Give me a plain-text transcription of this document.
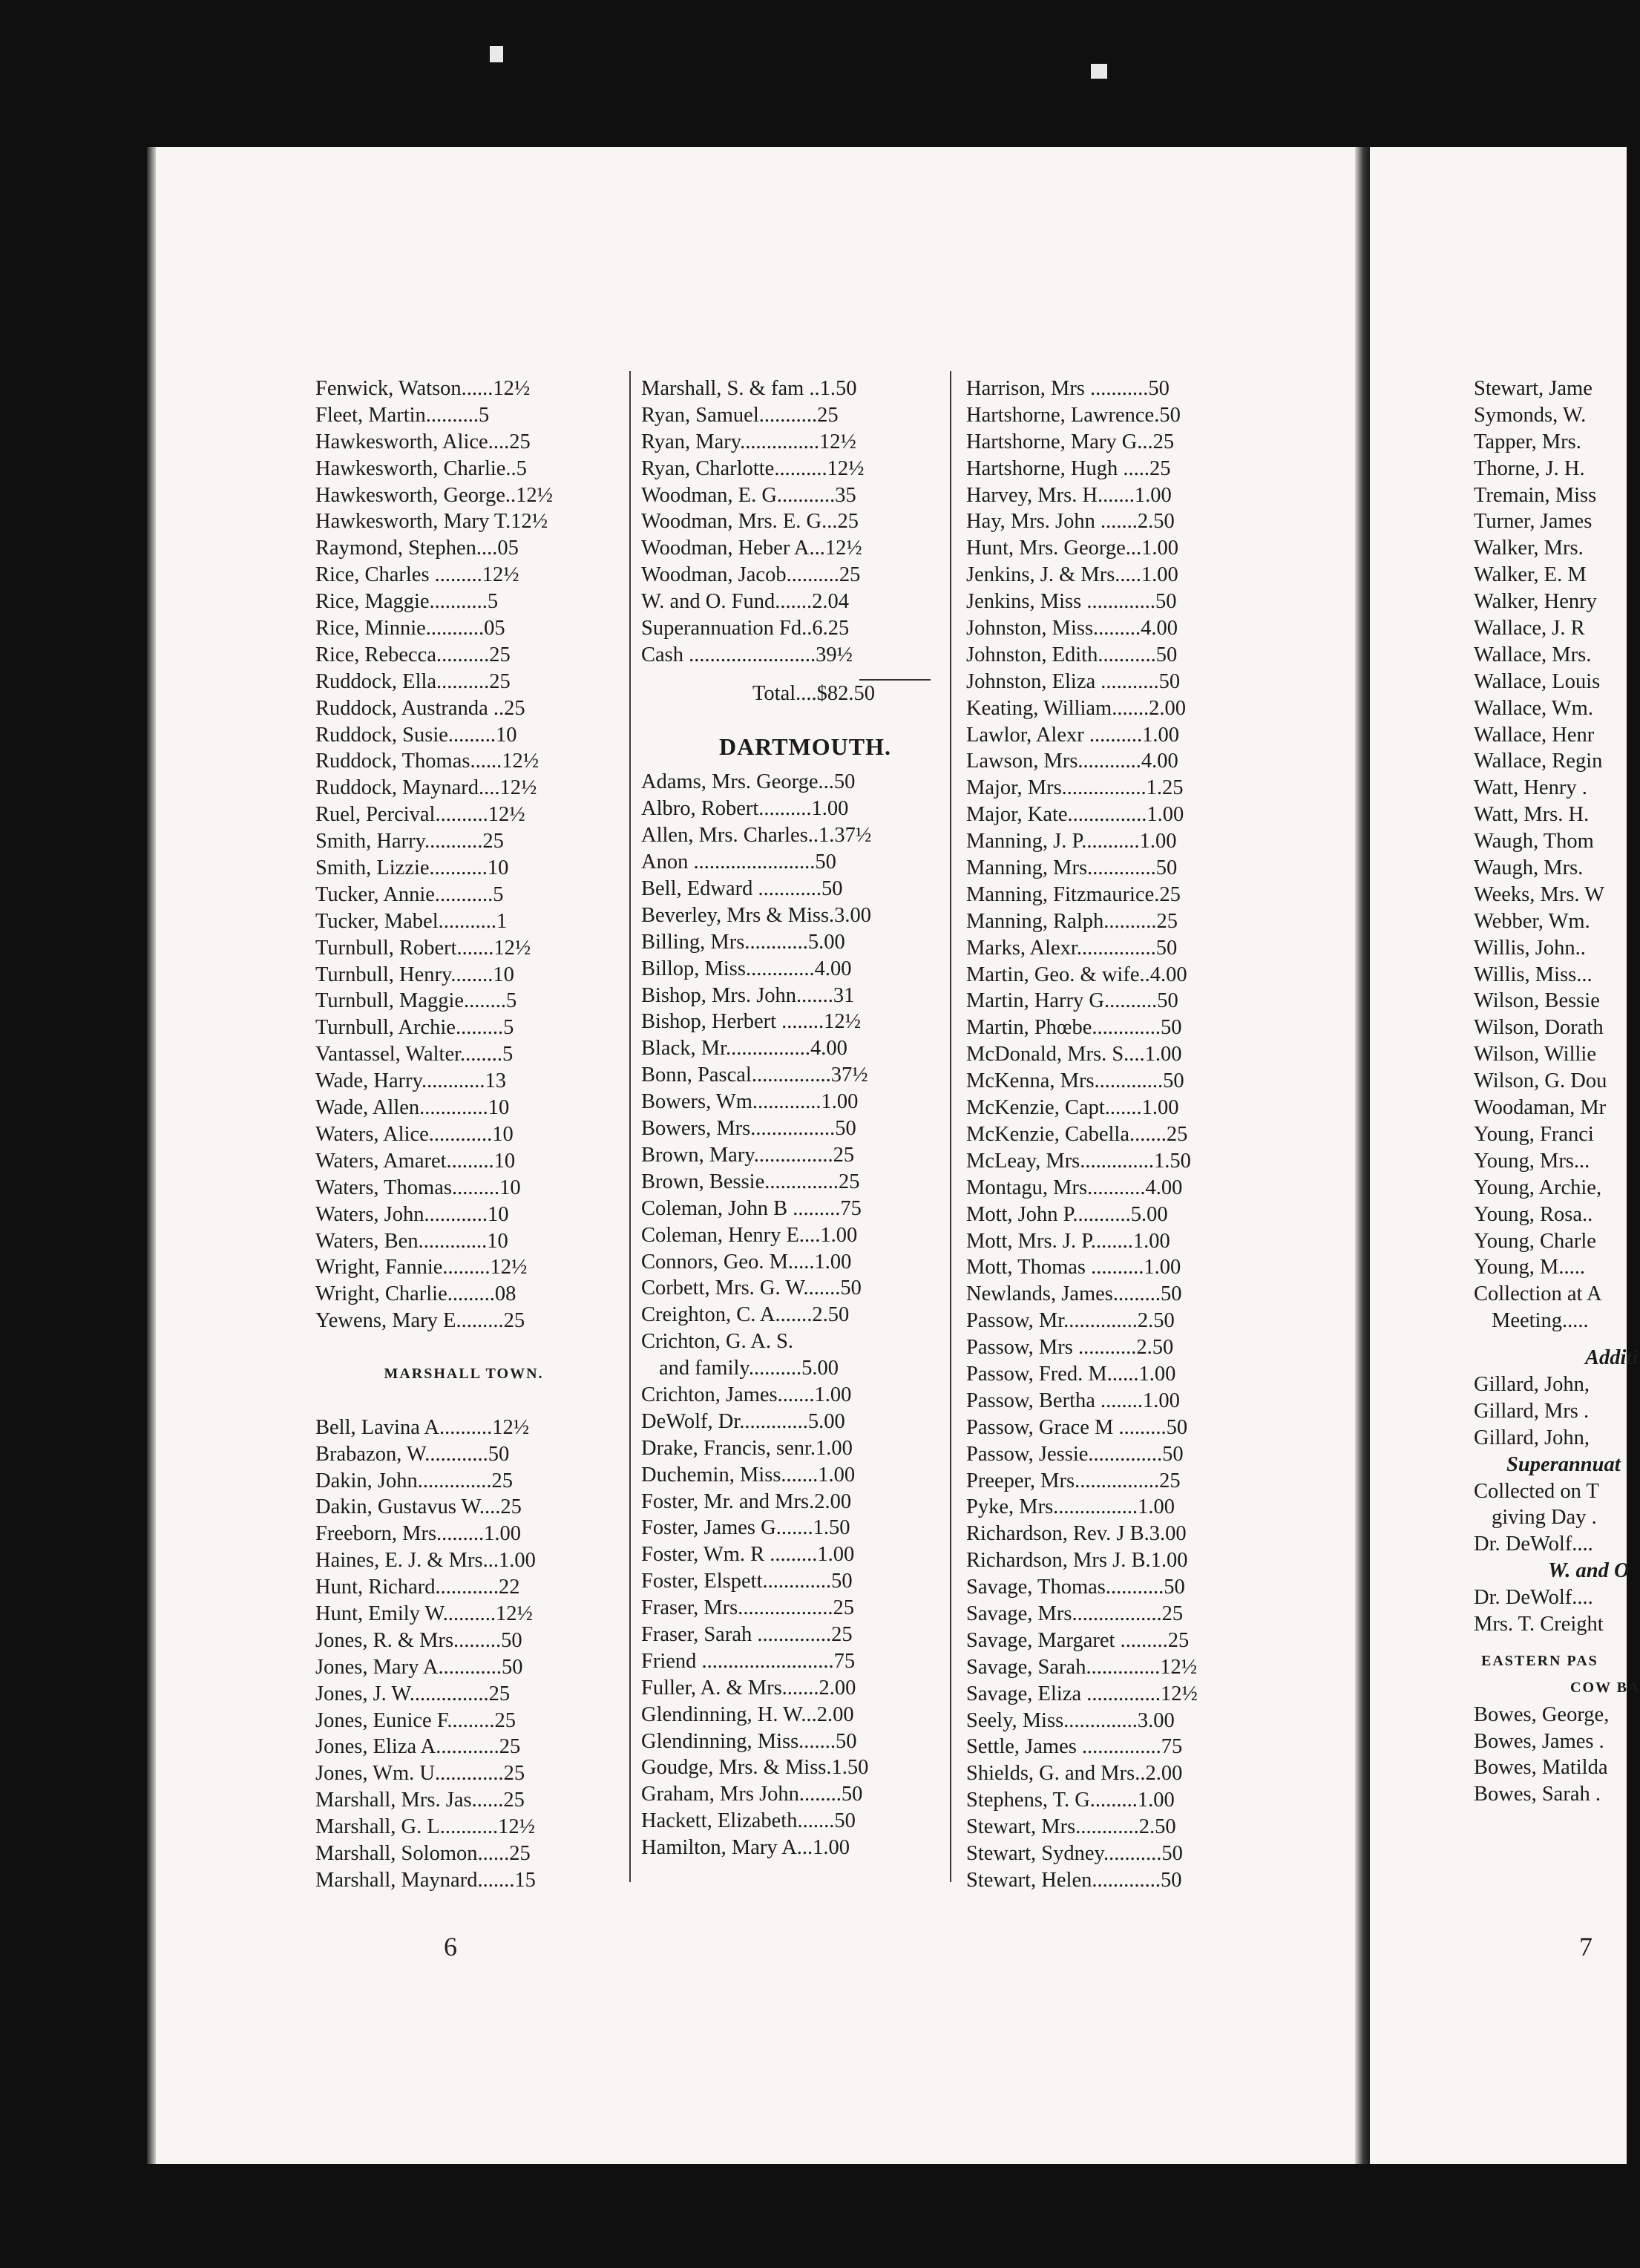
Fenwick, Watson......12½
Fleet, Martin..........5
Hawkesworth, Alice....25
Hawkesworth, Charlie..5
Hawkesworth, George..12½
Hawkesworth, Mary T.12½
Raymond, Stephen....05
Rice, Charles .........12½
Rice, Maggie...........5
Rice, Minnie...........05
Rice, Rebecca..........25
Ruddock, Ella..........25
Ruddock, Austranda ..25
Ruddock, Susie.........10
Ruddock, Thomas......12½
Ruddock, Maynard....12½
Ruel, Percival..........12½
Smith, Harry...........25
Smith, Lizzie...........10
Tucker, Annie...........5
Tucker, Mabel...........1
Turnbull, Robert.......12½
Turnbull, Henry........10
Turnbull, Maggie........5
Turnbull, Archie.........5
Vantassel, Walter........5
Wade, Harry............13
Wade, Allen.............10
Waters, Alice............10
Waters, Amaret.........10
Waters, Thomas.........10
Waters, John............10
Waters, Ben.............10
Wright, Fannie.........12½
Wright, Charlie.........08
Yewens, Mary E.........25
MARSHALL TOWN.
Bell, Lavina A..........12½
Brabazon, W............50
Dakin, John..............25
Dakin, Gustavus W....25
Freeborn, Mrs.........1.00
Haines, E. J. & Mrs...1.00
Hunt, Richard............22
Hunt, Emily W..........12½
Jones, R. & Mrs.........50
Jones, Mary A............50
Jones, J. W...............25
Jones, Eunice F.........25
Jones, Eliza A............25
Jones, Wm. U.............25
Marshall, Mrs. Jas......25
Marshall, G. L...........12½
Marshall, Solomon......25
Marshall, Maynard.......15
Marshall, S. & fam ..1.50
Ryan, Samuel...........25
Ryan, Mary...............12½
Ryan, Charlotte..........12½
Woodman, E. G...........35
Woodman, Mrs. E. G...25
Woodman, Heber A...12½
Woodman, Jacob..........25
W. and O. Fund.......2.04
Superannuation Fd..6.25
Cash ........................39½
Total....$82.50
DARTMOUTH.
Adams, Mrs. George...50
Albro, Robert..........1.00
Allen, Mrs. Charles..1.37½
Anon .......................50
Bell, Edward ............50
Beverley, Mrs & Miss.3.00
Billing, Mrs............5.00
Billop, Miss.............4.00
Bishop, Mrs. John.......31
Bishop, Herbert ........12½
Black, Mr................4.00
Bonn, Pascal...............37½
Bowers, Wm.............1.00
Bowers, Mrs................50
Brown, Mary...............25
Brown, Bessie..............25
Coleman, John B .........75
Coleman, Henry E....1.00
Connors, Geo. M.....1.00
Corbett, Mrs. G. W.......50
Creighton, C. A.......2.50
Crichton, G. A. S.
and family..........5.00
Crichton, James.......1.00
DeWolf, Dr.............5.00
Drake, Francis, senr.1.00
Duchemin, Miss.......1.00
Foster, Mr. and Mrs.2.00
Foster, James G.......1.50
Foster, Wm. R .........1.00
Foster, Elspett.............50
Fraser, Mrs..................25
Fraser, Sarah ..............25
Friend .........................75
Fuller, A. & Mrs.......2.00
Glendinning, H. W...2.00
Glendinning, Miss.......50
Goudge, Mrs. & Miss.1.50
Graham, Mrs John........50
Hackett, Elizabeth.......50
Hamilton, Mary A...1.00
Harrison, Mrs ...........50
Hartshorne, Lawrence.50
Hartshorne, Mary G...25
Hartshorne, Hugh .....25
Harvey, Mrs. H.......1.00
Hay, Mrs. John .......2.50
Hunt, Mrs. George...1.00
Jenkins, J. & Mrs.....1.00
Jenkins, Miss .............50
Johnston, Miss.........4.00
Johnston, Edith...........50
Johnston, Eliza ...........50
Keating, William.......2.00
Lawlor, Alexr ..........1.00
Lawson, Mrs............4.00
Major, Mrs................1.25
Major, Kate...............1.00
Manning, J. P...........1.00
Manning, Mrs.............50
Manning, Fitzmaurice.25
Manning, Ralph..........25
Marks, Alexr...............50
Martin, Geo. & wife..4.00
Martin, Harry G..........50
Martin, Phœbe.............50
McDonald, Mrs. S....1.00
McKenna, Mrs.............50
McKenzie, Capt.......1.00
McKenzie, Cabella.......25
McLeay, Mrs..............1.50
Montagu, Mrs...........4.00
Mott, John P...........5.00
Mott, Mrs. J. P........1.00
Mott, Thomas ..........1.00
Newlands, James.........50
Passow, Mr..............2.50
Passow, Mrs ...........2.50
Passow, Fred. M......1.00
Passow, Bertha ........1.00
Passow, Grace M .........50
Passow, Jessie..............50
Preeper, Mrs................25
Pyke, Mrs................1.00
Richardson, Rev. J B.3.00
Richardson, Mrs J. B.1.00
Savage, Thomas...........50
Savage, Mrs.................25
Savage, Margaret .........25
Savage, Sarah..............12½
Savage, Eliza ..............12½
Seely, Miss..............3.00
Settle, James ...............75
Shields, G. and Mrs..2.00
Stephens, T. G.........1.00
Stewart, Mrs............2.50
Stewart, Sydney...........50
Stewart, Helen.............50
Stewart, Jame
Symonds, W.
Tapper, Mrs.
Thorne, J. H.
Tremain, Miss
Turner, James
Walker, Mrs.
Walker, E. M
Walker, Henry
Wallace, J. R
Wallace, Mrs.
Wallace, Louis
Wallace, Wm.
Wallace, Henr
Wallace, Regin
Watt, Henry .
Watt, Mrs. H.
Waugh, Thom
Waugh, Mrs.
Weeks, Mrs. W
Webber, Wm.
Willis, John..
Willis, Miss...
Wilson, Bessie
Wilson, Dorath
Wilson, Willie
Wilson, G. Dou
Woodaman, Mr
Young, Franci
Young, Mrs...
Young, Archie,
Young, Rosa..
Young, Charle
Young, M.....
Collection at A
Meeting.....
Additi
Gillard, John,
Gillard, Mrs .
Gillard, John,
Superannuat
Collected on T
giving Day .
Dr. DeWolf....
W. and O
Dr. DeWolf....
Mrs. T. Creight
EASTERN PAS
COW BA
Bowes, George,
Bowes, James .
Bowes, Matilda
Bowes, Sarah .
6	7
